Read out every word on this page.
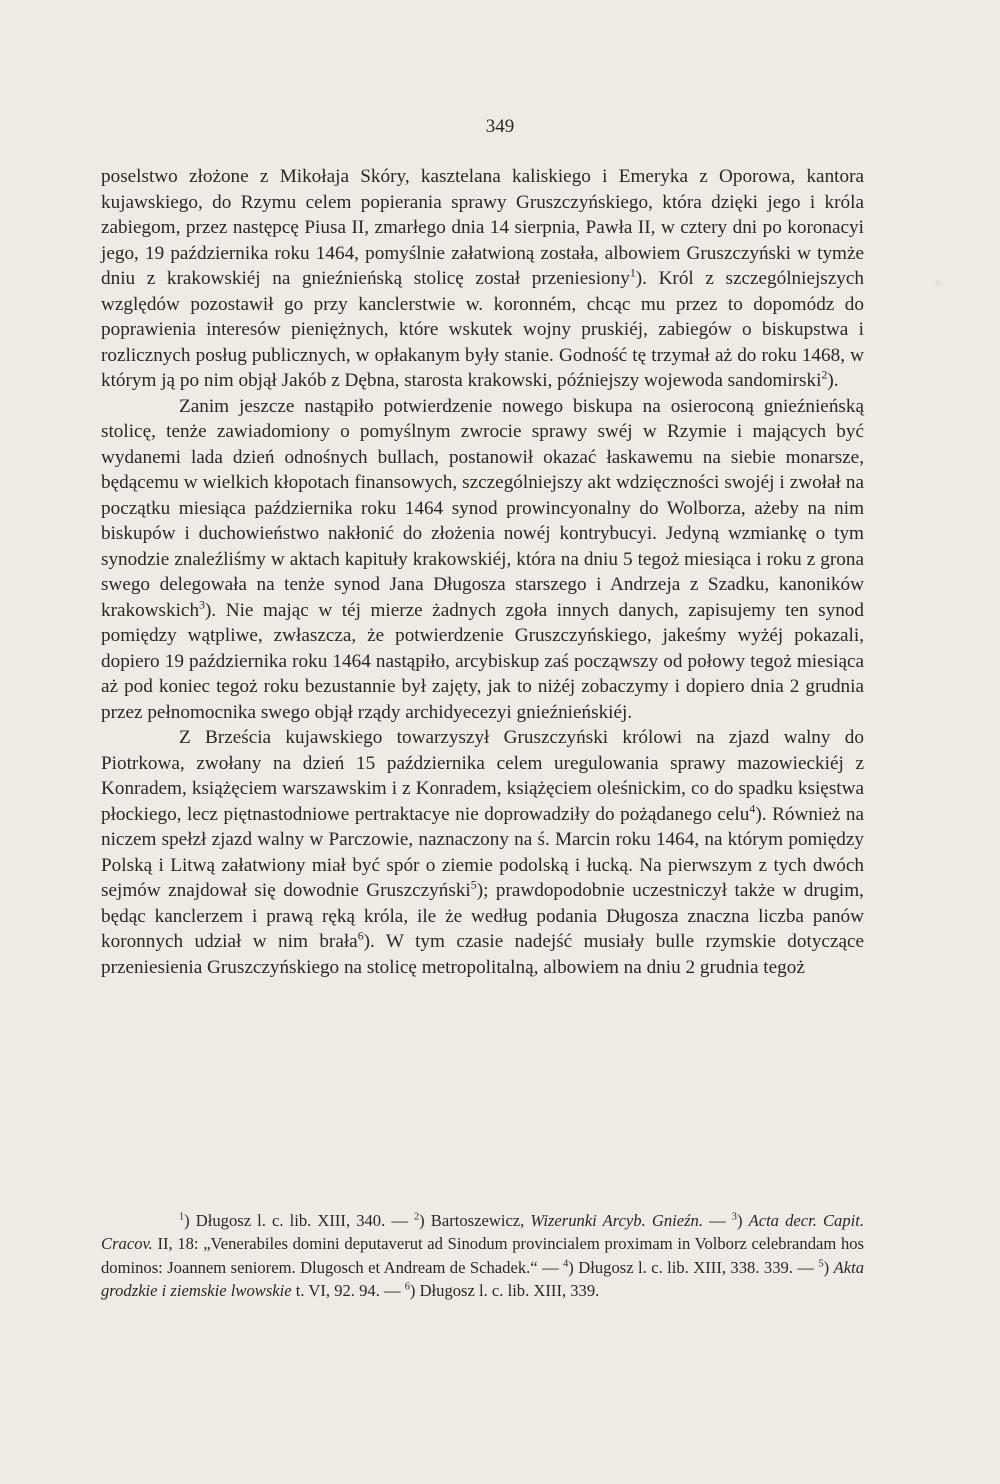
349

poselstwo złożone z Mikołaja Skóry, kasztelana kaliskiego i Emeryka z Oporowa, kantora kujawskiego, do Rzymu celem popierania sprawy Gruszczyńskiego, która dzięki jego i króla zabiegom, przez następcę Piusa II, zmarłego dnia 14 sierpnia, Pawła II, w cztery dni po koronacyi jego, 19 października roku 1464, pomyślnie załatwioną została, albowiem Gruszczyński w tymże dniu z krakowskiéj na gnieźnieńską stolicę został przeniesiony$^1$). Król z szczególniejszych względów pozostawił go przy kanclerstwie w. koronném, chcąc mu przez to dopomódz do poprawienia interesów pieniężnych, które wskutek wojny pruskiéj, zabiegów o biskupstwa i rozlicznych posług publicznych, w opłakanym były stanie. Godność tę trzymał aż do roku 1468, w którym ją po nim objął Jakób z Dębna, starosta krakowski, późniejszy wojewoda sandomirski$^2$).

Zanim jeszcze nastąpiło potwierdzenie nowego biskupa na osieroconą gnieźnieńską stolicę, tenże zawiadomiony o pomyślnym zwrocie sprawy swéj w Rzymie i mających być wydanemi lada dzień odnośnych bullach, postanowił okazać łaskawemu na siebie monarsze, będącemu w wielkich kłopotach finansowych, szczególniejszy akt wdzięczności swojéj i zwołał na początku miesiąca października roku 1464 synod prowincyonalny do Wolborza, ażeby na nim biskupów i duchowieństwo nakłonić do złożenia nowéj kontrybucyi. Jedyną wzmiankę o tym synodzie znaleźliśmy w aktach kapituły krakowskiéj, która na dniu 5 tegoż miesiąca i roku z grona swego delegowała na tenże synod Jana Długosza starszego i Andrzeja z Szadku, kanoników krakowskich$^3$). Nie mając w téj mierze żadnych zgoła innych danych, zapisujemy ten synod pomiędzy wątpliwe, zwłaszcza, że potwierdzenie Gruszczyńskiego, jakeśmy wyżéj pokazali, dopiero 19 października roku 1464 nastąpiło, arcybiskup zaś począwszy od połowy tegoż miesiąca aż pod koniec tegoż roku bezustannie był zajęty, jak to niżéj zobaczymy i dopiero dnia 2 grudnia przez pełnomocnika swego objął rządy archidyecezyi gnieźnieńskiéj.

Z Brześcia kujawskiego towarzyszył Gruszczyński królowi na zjazd walny do Piotrkowa, zwołany na dzień 15 października celem uregulowania sprawy mazowieckiéj z Konradem, książęciem warszawskim i z Konradem, książęciem oleśnickim, co do spadku księstwa płockiego, lecz piętnastodniowe pertraktacye nie doprowadziły do pożądanego celu$^4$). Również na niczem spełzł zjazd walny w Parczowie, naznaczony na ś. Marcin roku 1464, na którym pomiędzy Polską i Litwą załatwiony miał być spór o ziemie podolską i łucką. Na pierwszym z tych dwóch sejmów znajdował się dowodnie Gruszczyński$^5$); prawdopodobnie uczestniczył także w drugim, będąc kanclerzem i prawą ręką króla, ile że według podania Długosza znaczna liczba panów koronnych udział w nim brała$^6$). W tym czasie nadejść musiały bulle rzymskie dotyczące przeniesienia Gruszczyńskiego na stolicę metropolitalną, albowiem na dniu 2 grudnia tegoż

$^1$) Długosz l. c. lib. XIII, 340. — $^2$) Bartoszewicz, Wizerunki Arcyb. Gnieźn. — $^3$) Acta decr. Capit. Cracov. II, 18: „Venerabiles domini deputaverut ad Sinodum provincialem proximam in Volborz celebrandam hos dominos: Joannem seniorem. Dlugosch et Andream de Schadek.“ — $^4$) Długosz l. c. lib. XIII, 338. 339. — $^5$) Akta grodzkie i ziemskie lwowskie t. VI, 92. 94. — $^6$) Długosz l. c. lib. XIII, 339.
